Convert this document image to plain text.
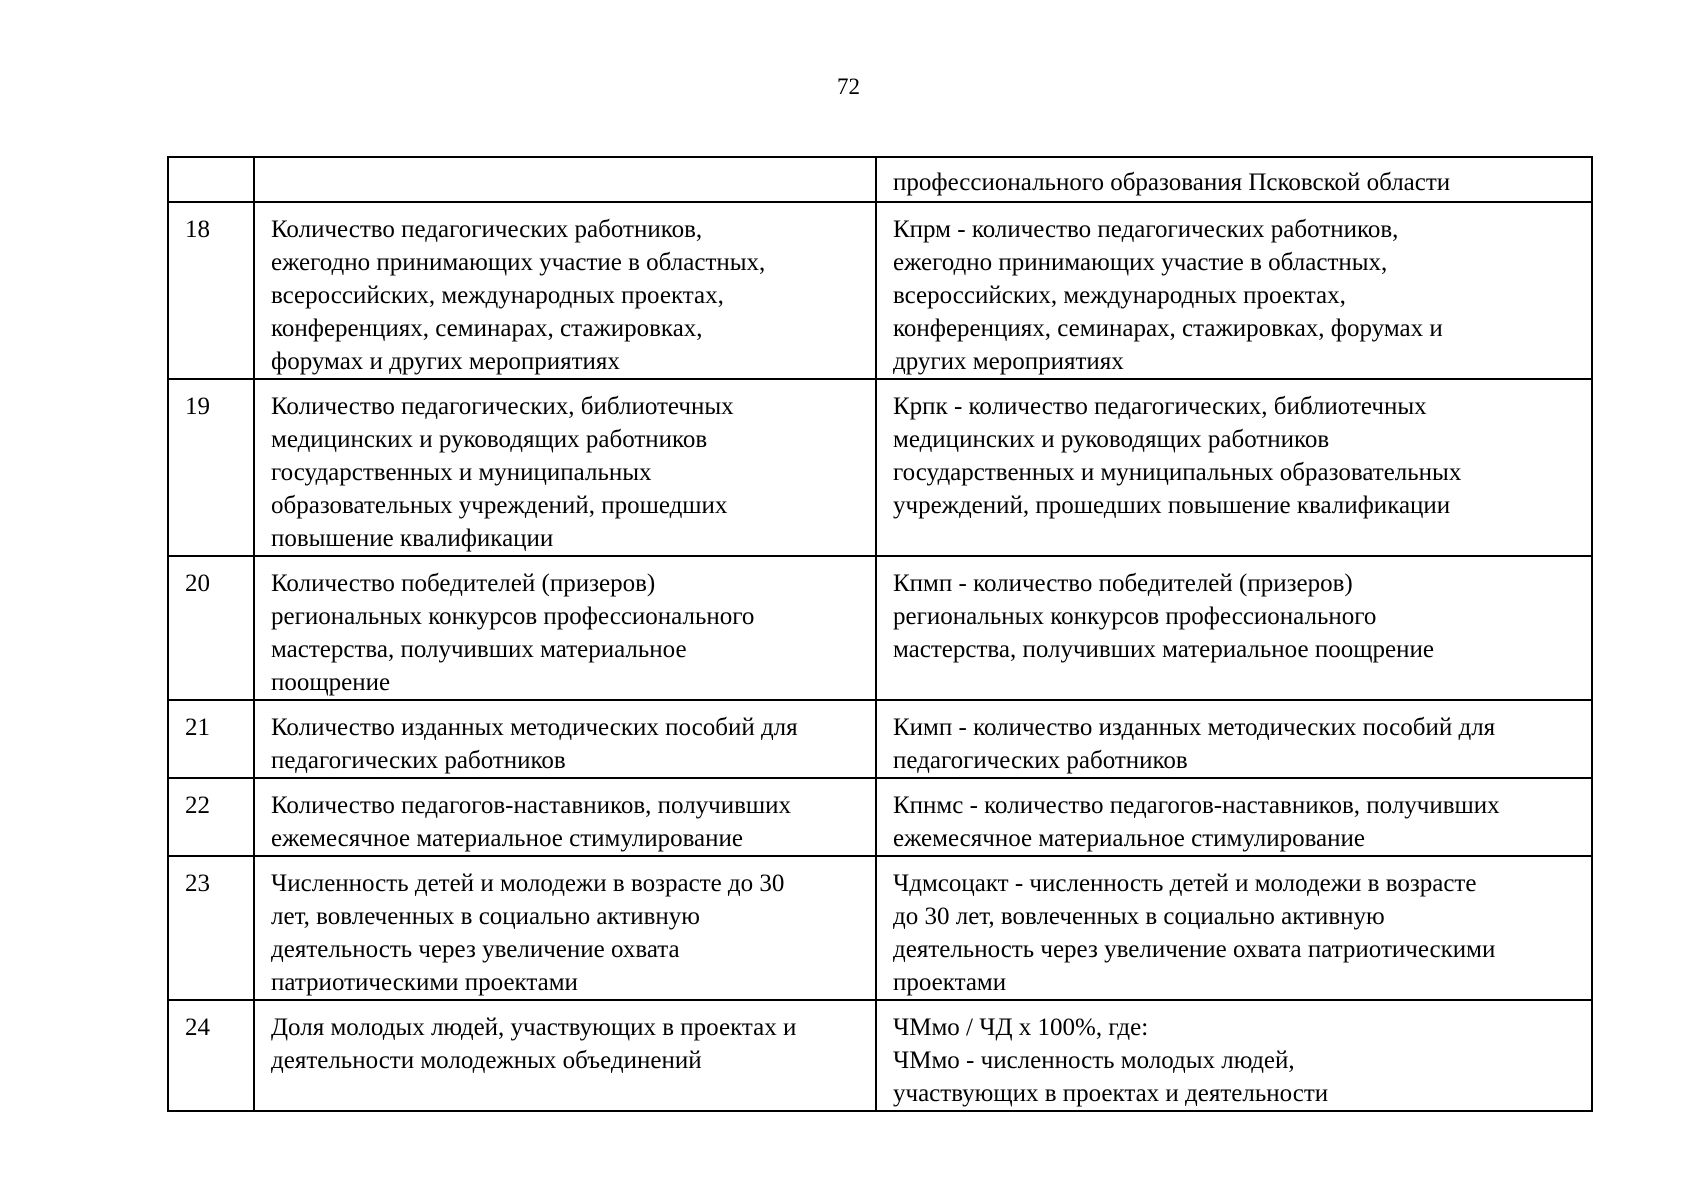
72

		профессионального образования Псковской области

18	Количество педагогических работников,
ежегодно принимающих участие в областных,
всероссийских, международных проектах,
конференциях, семинарах, стажировках,
форумах и других мероприятиях	Кпрм - количество педагогических работников,
ежегодно принимающих участие в областных,
всероссийских, международных проектах,
конференциях, семинарах, стажировках, форумах и
других мероприятиях

19	Количество педагогических, библиотечных
медицинских и руководящих работников
государственных и муниципальных
образовательных учреждений, прошедших
повышение квалификации	Крпк - количество педагогических, библиотечных
медицинских и руководящих работников
государственных и муниципальных образовательных
учреждений, прошедших повышение квалификации

20	Количество победителей (призеров)
региональных конкурсов профессионального
мастерства, получивших материальное
поощрение	Кпмп - количество победителей (призеров)
региональных конкурсов профессионального
мастерства, получивших материальное поощрение

21	Количество изданных методических пособий для
педагогических работников	Кимп - количество изданных методических пособий для
педагогических работников

22	Количество педагогов-наставников, получивших
ежемесячное материальное стимулирование	Кпнмс - количество педагогов-наставников, получивших
ежемесячное материальное стимулирование

23	Численность детей и молодежи в возрасте до 30
лет, вовлеченных в социально активную
деятельность через увеличение охвата
патриотическими проектами	Чдмсоцакт - численность детей и молодежи в возрасте
до 30 лет, вовлеченных в социально активную
деятельность через увеличение охвата патриотическими
проектами

24	Доля молодых людей, участвующих в проектах и
деятельности молодежных объединений	ЧМмо / ЧД x 100%, где:
ЧМмо - численность молодых людей,
участвующих в проектах и деятельности
